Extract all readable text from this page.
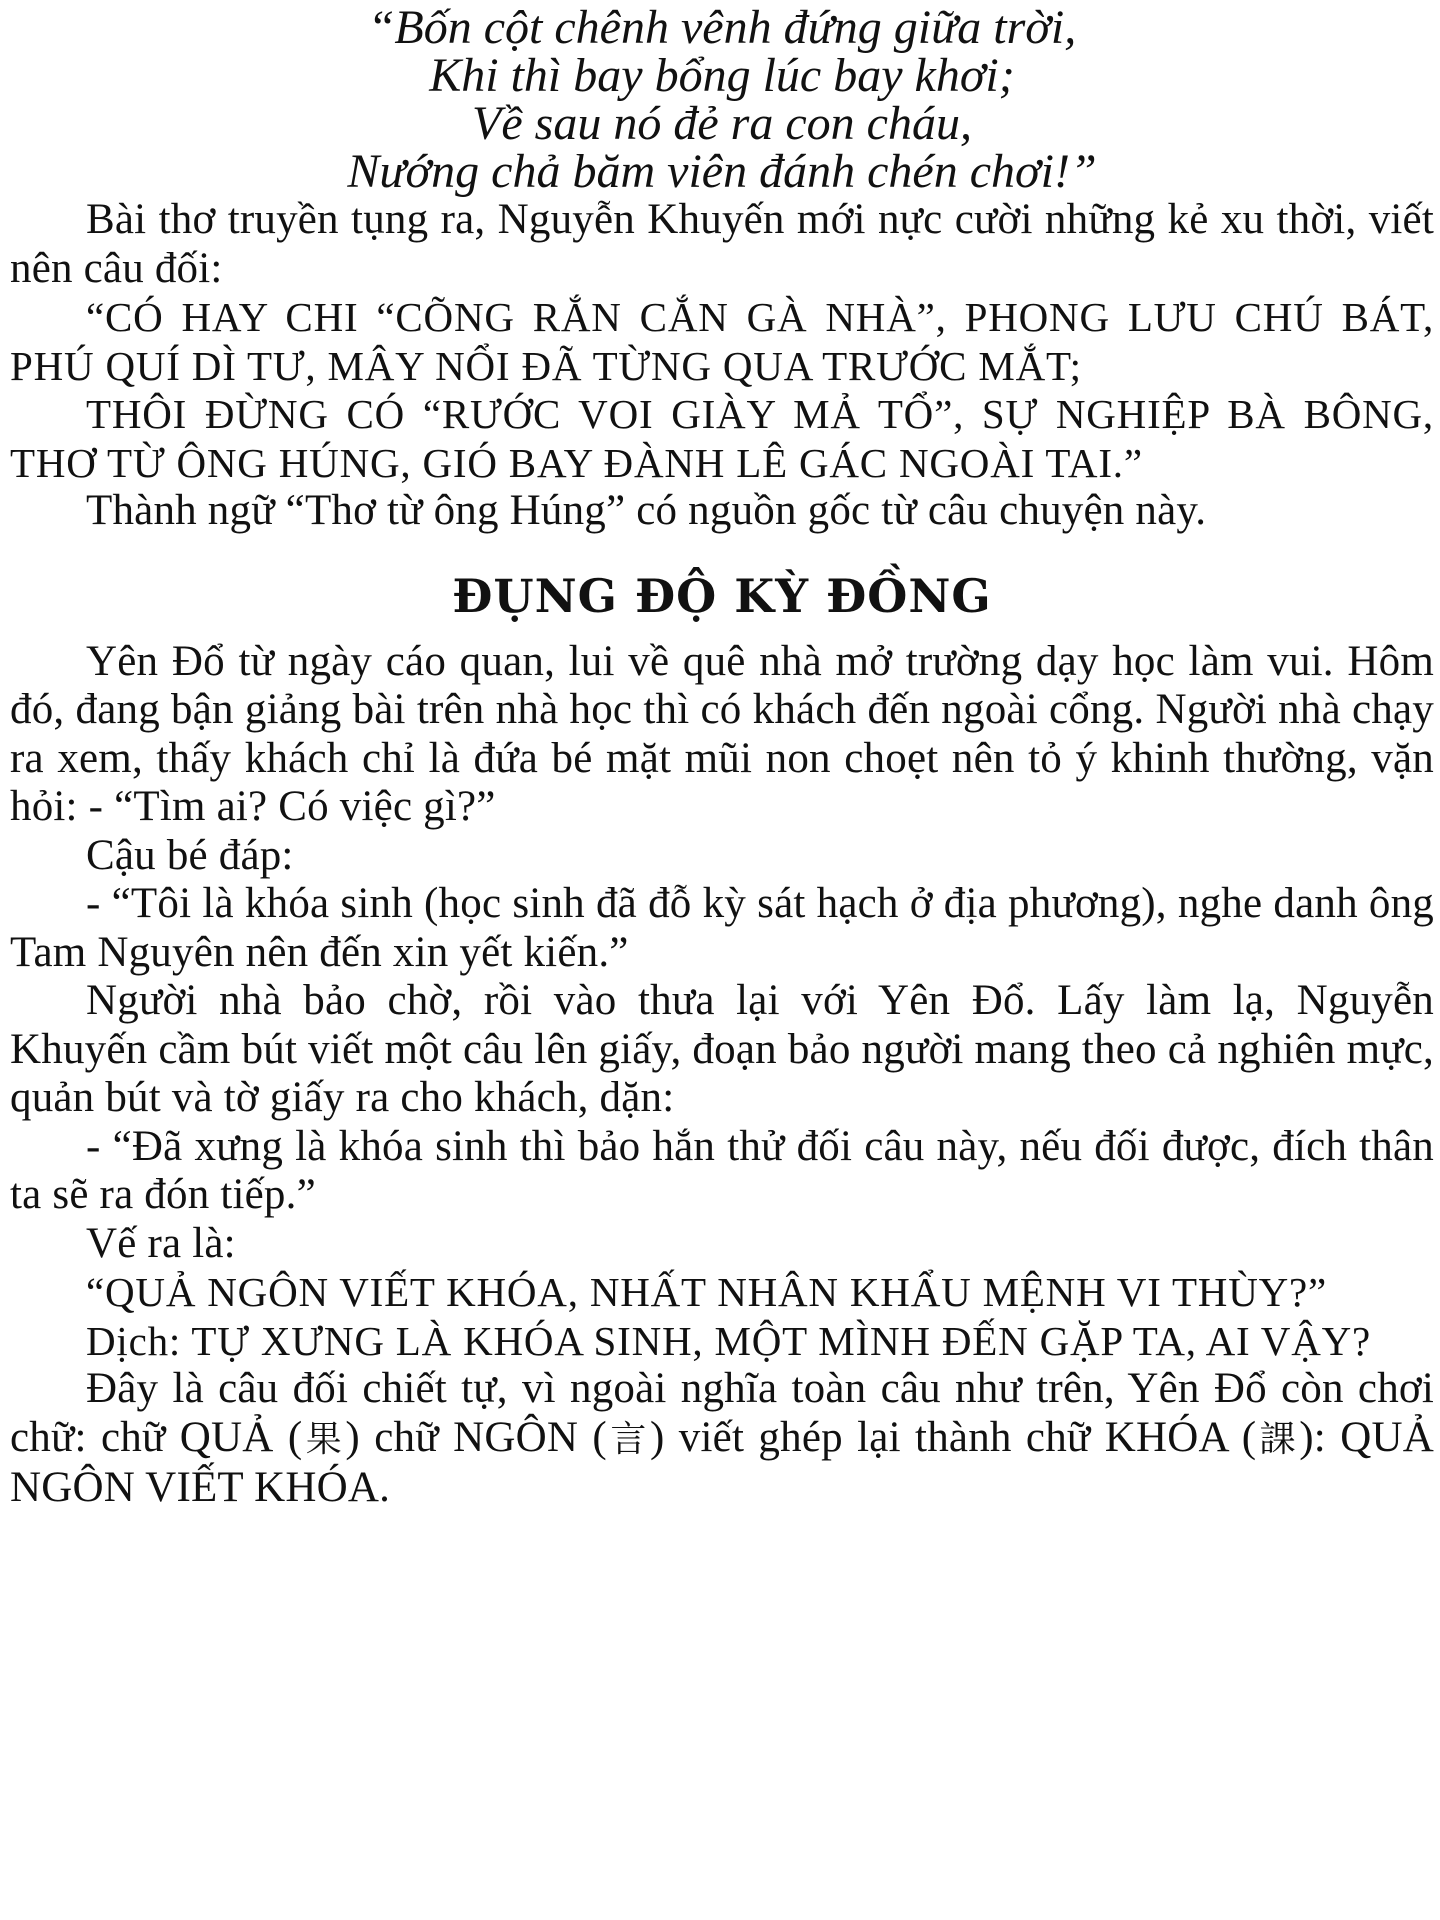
“Bốn cột chênh vênh đứng giữa trời,
Khi thì bay bổng lúc bay khơi;
Về sau nó đẻ ra con cháu,
Nướng chả băm viên đánh chén chơi!”

Bài thơ truyền tụng ra, Nguyễn Khuyến mới nực cười những kẻ xu thời, viết nên câu đối:

“CÓ HAY CHI “CÕNG RẮN CẮN GÀ NHÀ”, PHONG LƯU CHÚ BÁT, PHÚ QUÍ DÌ TƯ, MÂY NỔI ĐÃ TỪNG QUA TRƯỚC MẮT;

THÔI ĐỪNG CÓ “RƯỚC VOI GIÀY MẢ TỔ”, SỰ NGHIỆP BÀ BÔNG, THƠ TỪ ÔNG HÚNG, GIÓ BAY ĐÀNH LÊ GÁC NGOÀI TAI.”

Thành ngữ “Thơ từ ông Húng” có nguồn gốc từ câu chuyện này.

ĐỤNG ĐỘ KỲ ĐỒNG

Yên Đổ từ ngày cáo quan, lui về quê nhà mở trường dạy học làm vui. Hôm đó, đang bận giảng bài trên nhà học thì có khách đến ngoài cổng. Người nhà chạy ra xem, thấy khách chỉ là đứa bé mặt mũi non choẹt nên tỏ ý khinh thường, vặn hỏi: - “Tìm ai? Có việc gì?”

Cậu bé đáp:

- “Tôi là khóa sinh (học sinh đã đỗ kỳ sát hạch ở địa phương), nghe danh ông Tam Nguyên nên đến xin yết kiến.”

Người nhà bảo chờ, rồi vào thưa lại với Yên Đổ. Lấy làm lạ, Nguyễn Khuyến cầm bút viết một câu lên giấy, đoạn bảo người mang theo cả nghiên mực, quản bút và tờ giấy ra cho khách, dặn:

- “Đã xưng là khóa sinh thì bảo hắn thử đối câu này, nếu đối được, đích thân ta sẽ ra đón tiếp.”

Vế ra là:

“QUẢ NGÔN VIẾT KHÓA, NHẤT NHÂN KHẨU MỆNH VI THÙY?”

Dịch: TỰ XƯNG LÀ KHÓA SINH, MỘT MÌNH ĐẾN GẶP TA, AI VẬY?

Đây là câu đối chiết tự, vì ngoài nghĩa toàn câu như trên, Yên Đổ còn chơi chữ: chữ QUẢ (果) chữ NGÔN (言) viết ghép lại thành chữ KHÓA (課): QUẢ NGÔN VIẾT KHÓA.
